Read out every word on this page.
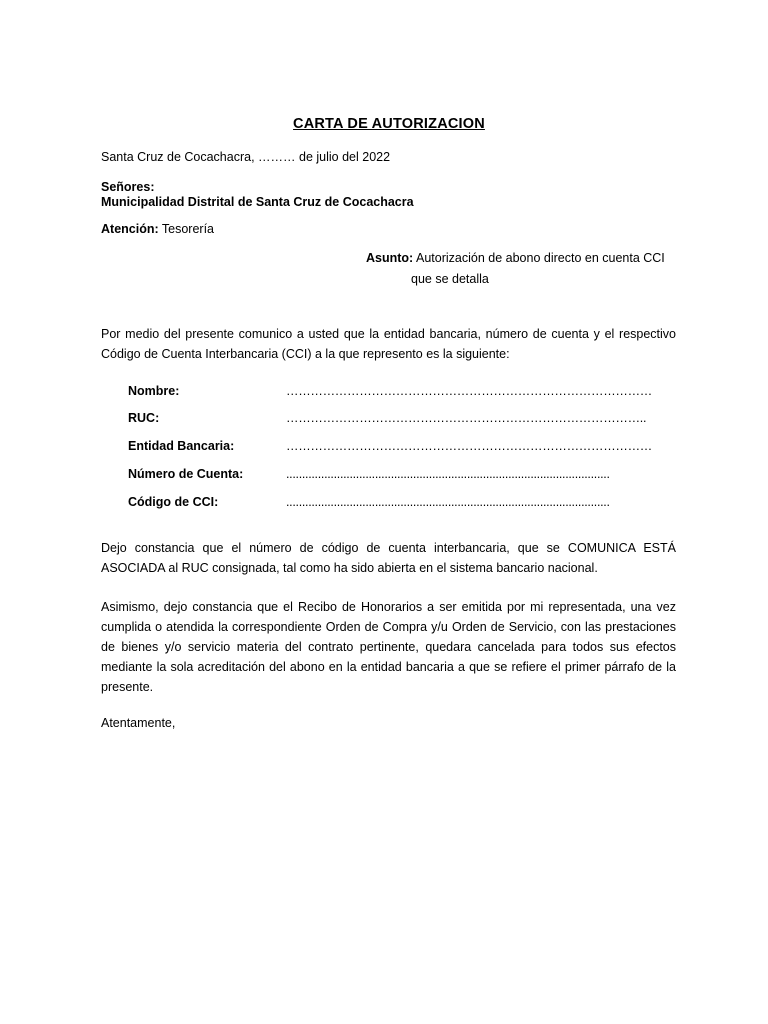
CARTA DE AUTORIZACION
Santa Cruz de Cocachacra, ……… de julio del 2022
Señores:
Municipalidad Distrital de Santa Cruz de Cocachacra
Atención: Tesorería
Asunto: Autorización de abono directo en cuenta CCI
que se detalla
Por medio del presente comunico a usted que la entidad bancaria, número de cuenta y el respectivo Código de Cuenta Interbancaria (CCI) a la que represento es la siguiente:
Nombre:	………………………………………………………………………………
RUC:	……………………………………………………………………………..
Entidad Bancaria:	………………………………………………………………………………
Número de Cuenta:	......................................................................................................
Código de CCI:	......................................................................................................
Dejo constancia que el número de código de cuenta interbancaria, que se COMUNICA ESTÁ ASOCIADA al RUC consignada, tal como ha sido abierta en el sistema bancario nacional.
Asimismo, dejo constancia que el Recibo de Honorarios a ser emitida por mi representada, una vez cumplida o atendida la correspondiente Orden de Compra y/u Orden de Servicio, con las prestaciones de bienes y/o servicio materia del contrato pertinente, quedara cancelada para todos sus efectos mediante la sola acreditación del abono en la entidad bancaria a que se refiere el primer párrafo de la presente.
Atentamente,
